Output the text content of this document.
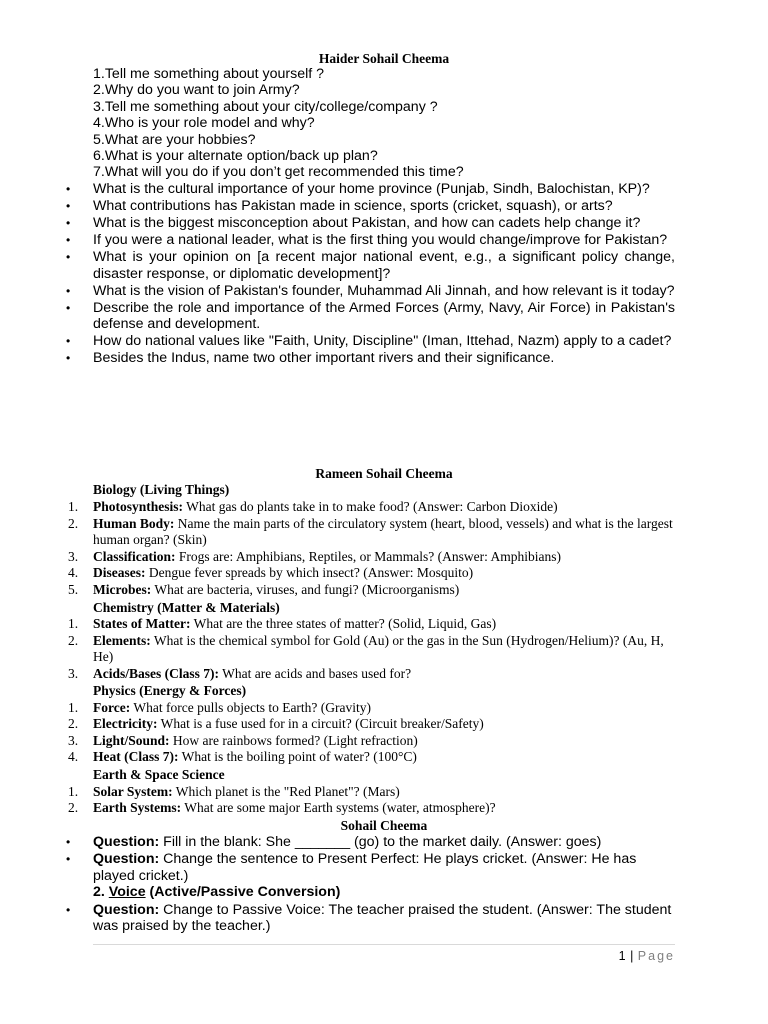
Haider Sohail Cheema
1.Tell me something about yourself ?
2.Why do you want to join Army?
3.Tell me something about your city/college/company ?
4.Who is your role model and why?
5.What are your hobbies?
6.What is your alternate option/back up plan?
7.What will you do if you don’t get recommended this time?
• What is the cultural importance of your home province (Punjab, Sindh, Balochistan, KP)?
• What contributions has Pakistan made in science, sports (cricket, squash), or arts?
• What is the biggest misconception about Pakistan, and how can cadets help change it?
• If you were a national leader, what is the first thing you would change/improve for Pakistan?
• What is your opinion on [a recent major national event, e.g., a significant policy change, disaster response, or diplomatic development]?
• What is the vision of Pakistan's founder, Muhammad Ali Jinnah, and how relevant is it today?
• Describe the role and importance of the Armed Forces (Army, Navy, Air Force) in Pakistan's defense and development.
• How do national values like "Faith, Unity, Discipline" (Iman, Ittehad, Nazm) apply to a cadet?
• Besides the Indus, name two other important rivers and their significance.
Rameen Sohail Cheema
Biology (Living Things)
1. Photosynthesis: What gas do plants take in to make food? (Answer: Carbon Dioxide)
2. Human Body: Name the main parts of the circulatory system (heart, blood, vessels) and what is the largest human organ? (Skin)
3. Classification: Frogs are: Amphibians, Reptiles, or Mammals? (Answer: Amphibians)
4. Diseases: Dengue fever spreads by which insect? (Answer: Mosquito)
5. Microbes: What are bacteria, viruses, and fungi? (Microorganisms)
Chemistry (Matter & Materials)
1. States of Matter: What are the three states of matter? (Solid, Liquid, Gas)
2. Elements: What is the chemical symbol for Gold (Au) or the gas in the Sun (Hydrogen/Helium)? (Au, H, He)
3. Acids/Bases (Class 7): What are acids and bases used for?
Physics (Energy & Forces)
1. Force: What force pulls objects to Earth? (Gravity)
2. Electricity: What is a fuse used for in a circuit? (Circuit breaker/Safety)
3. Light/Sound: How are rainbows formed? (Light refraction)
4. Heat (Class 7): What is the boiling point of water? (100°C)
Earth & Space Science
1. Solar System: Which planet is the "Red Planet"? (Mars)
2. Earth Systems: What are some major Earth systems (water, atmosphere)?
Sohail Cheema
• Question: Fill in the blank: She _______ (go) to the market daily. (Answer: goes)
• Question: Change the sentence to Present Perfect: He plays cricket. (Answer: He has played cricket.)
2. Voice (Active/Passive Conversion)
• Question: Change to Passive Voice: The teacher praised the student. (Answer: The student was praised by the teacher.)
1 | Page
